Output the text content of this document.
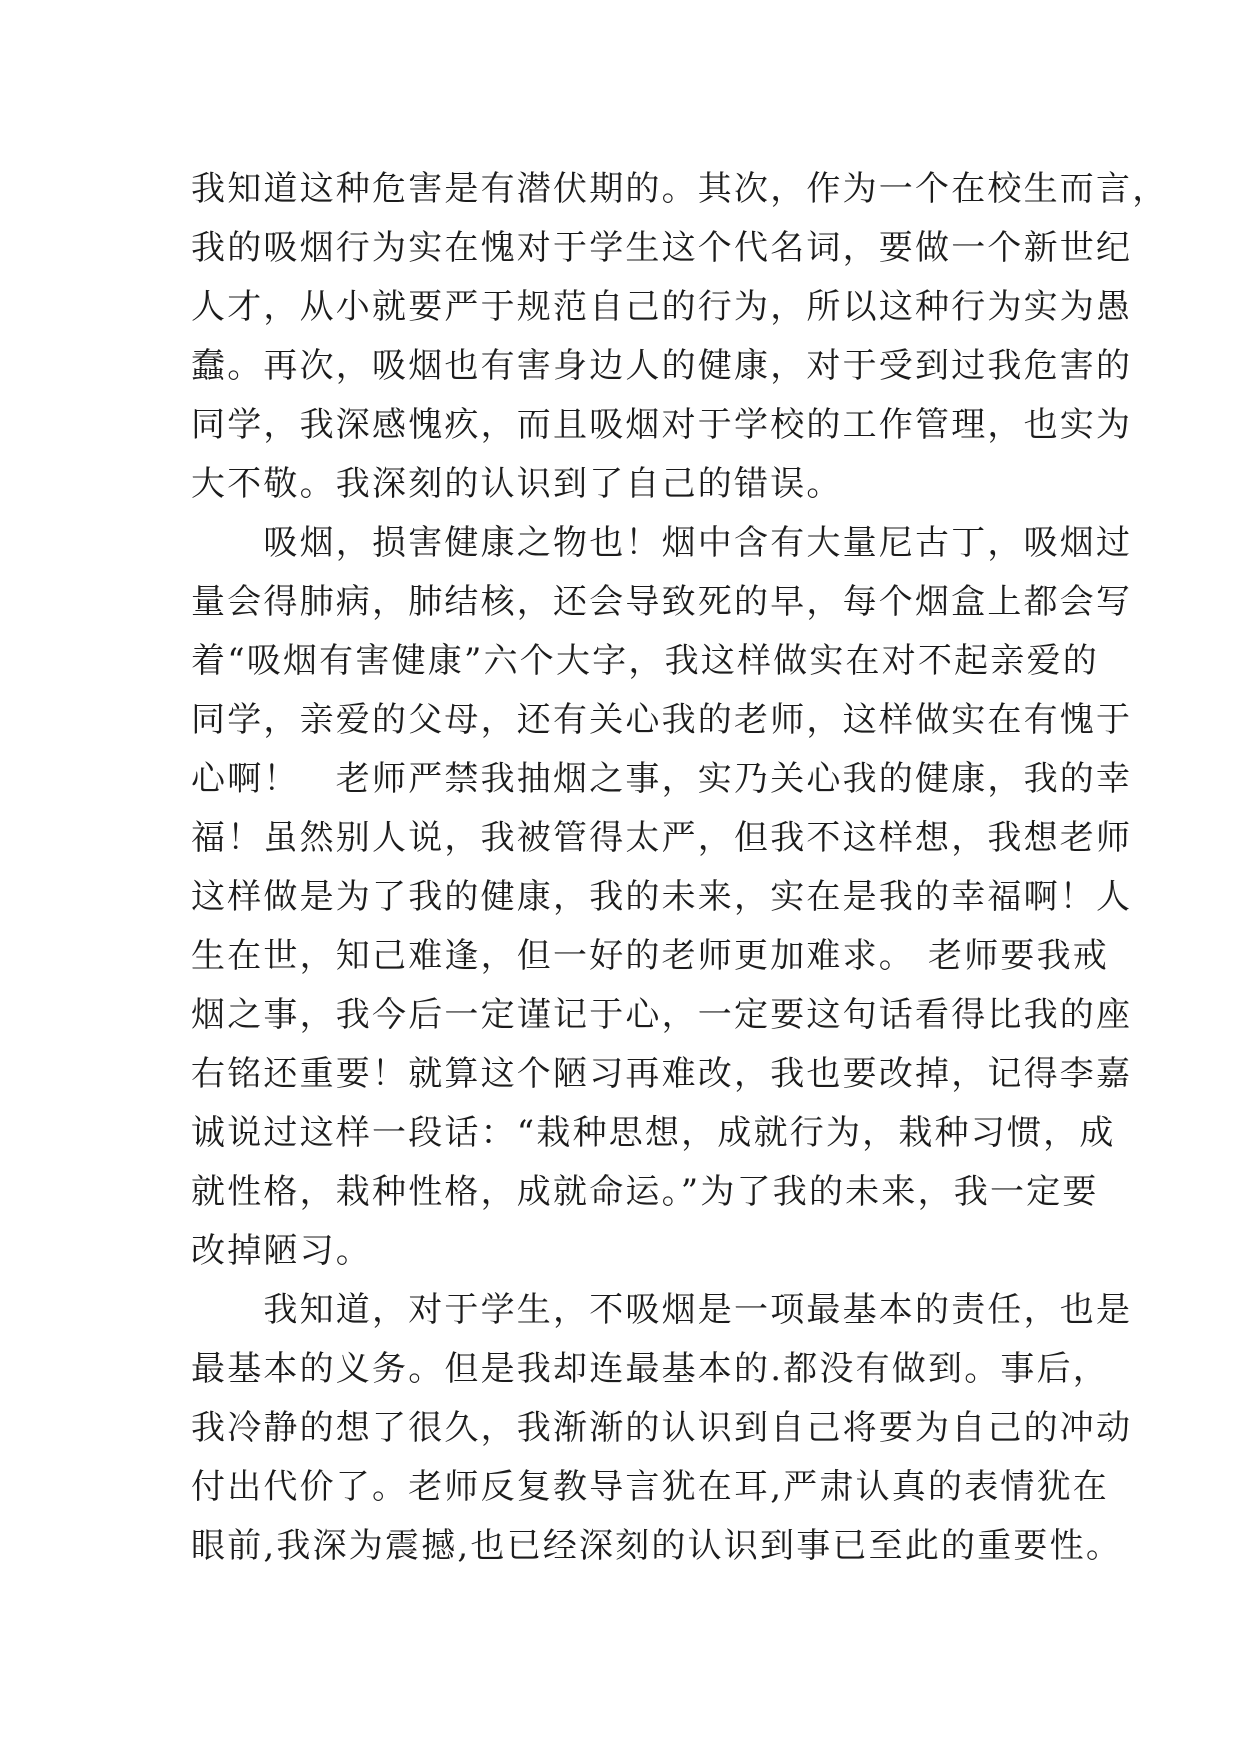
我知道这种危害是有潜伏期的。其次，作为一个在校生而言，
我的吸烟行为实在愧对于学生这个代名词，要做一个新世纪
人才，从小就要严于规范自己的行为，所以这种行为实为愚
蠢。再次，吸烟也有害身边人的健康，对于受到过我危害的
同学，我深感愧疚，而且吸烟对于学校的工作管理，也实为
大不敬。我深刻的认识到了自己的错误。
　　吸烟，损害健康之物也！烟中含有大量尼古丁，吸烟过
量会得肺病，肺结核，还会导致死的早，每个烟盒上都会写
着“吸烟有害健康”六个大字，我这样做实在对不起亲爱的
同学，亲爱的父母，还有关心我的老师，这样做实在有愧于
心啊！　老师严禁我抽烟之事，实乃关心我的健康，我的幸
福！虽然别人说，我被管得太严，但我不这样想，我想老师
这样做是为了我的健康，我的未来，实在是我的幸福啊！人
生在世，知己难逢，但一好的老师更加难求。 老师要我戒
烟之事，我今后一定谨记于心，一定要这句话看得比我的座
右铭还重要！就算这个陋习再难改，我也要改掉，记得李嘉
诚说过这样一段话：“栽种思想，成就行为，栽种习惯，成
就性格，栽种性格，成就命运。”为了我的未来，我一定要
改掉陋习。
　　我知道，对于学生，不吸烟是一项最基本的责任，也是
最基本的义务。但是我却连最基本的.都没有做到。事后，
我冷静的想了很久，我渐渐的认识到自己将要为自己的冲动
付出代价了。老师反复教导言犹在耳,严肃认真的表情犹在
眼前,我深为震撼,也已经深刻的认识到事已至此的重要性。
